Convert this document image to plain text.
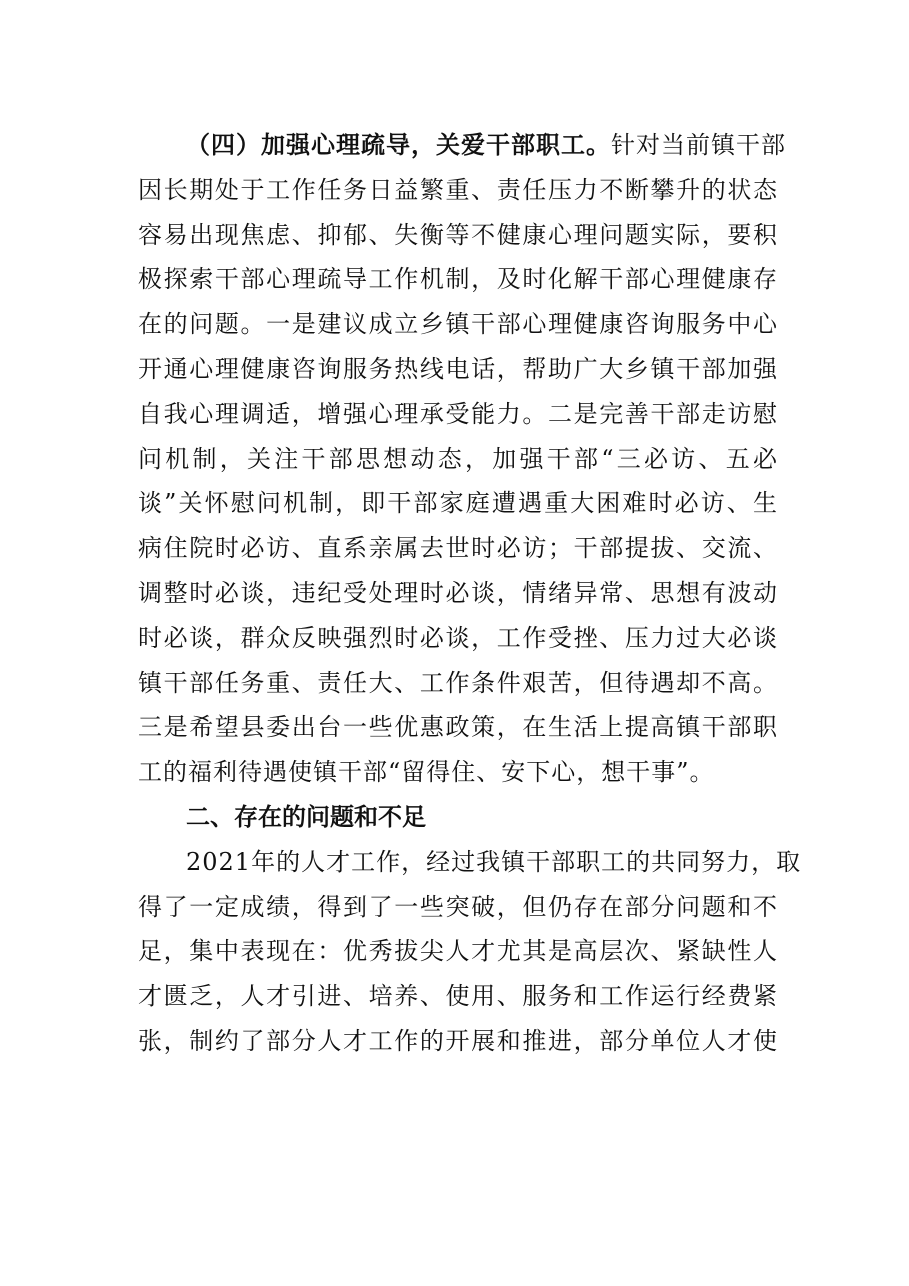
（四）加强心理疏导，关爱干部职工。针对当前镇干部
因长期处于工作任务日益繁重、责任压力不断攀升的状态
容易出现焦虑、抑郁、失衡等不健康心理问题实际，要积
极探索干部心理疏导工作机制，及时化解干部心理健康存
在的问题。一是建议成立乡镇干部心理健康咨询服务中心
开通心理健康咨询服务热线电话，帮助广大乡镇干部加强
自我心理调适，增强心理承受能力。二是完善干部走访慰
问机制，关注干部思想动态，加强干部“三必访、五必
谈”关怀慰问机制，即干部家庭遭遇重大困难时必访、生
病住院时必访、直系亲属去世时必访；干部提拔、交流、
调整时必谈，违纪受处理时必谈，情绪异常、思想有波动
时必谈，群众反映强烈时必谈，工作受挫、压力过大必谈
镇干部任务重、责任大、工作条件艰苦，但待遇却不高。
三是希望县委出台一些优惠政策，在生活上提高镇干部职
工的福利待遇使镇干部“留得住、安下心，想干事”。
二、存在的问题和不足
2021年的人才工作，经过我镇干部职工的共同努力，取
得了一定成绩，得到了一些突破，但仍存在部分问题和不
足，集中表现在：优秀拔尖人才尤其是高层次、紧缺性人
才匮乏，人才引进、培养、使用、服务和工作运行经费紧
张，制约了部分人才工作的开展和推进，部分单位人才使
